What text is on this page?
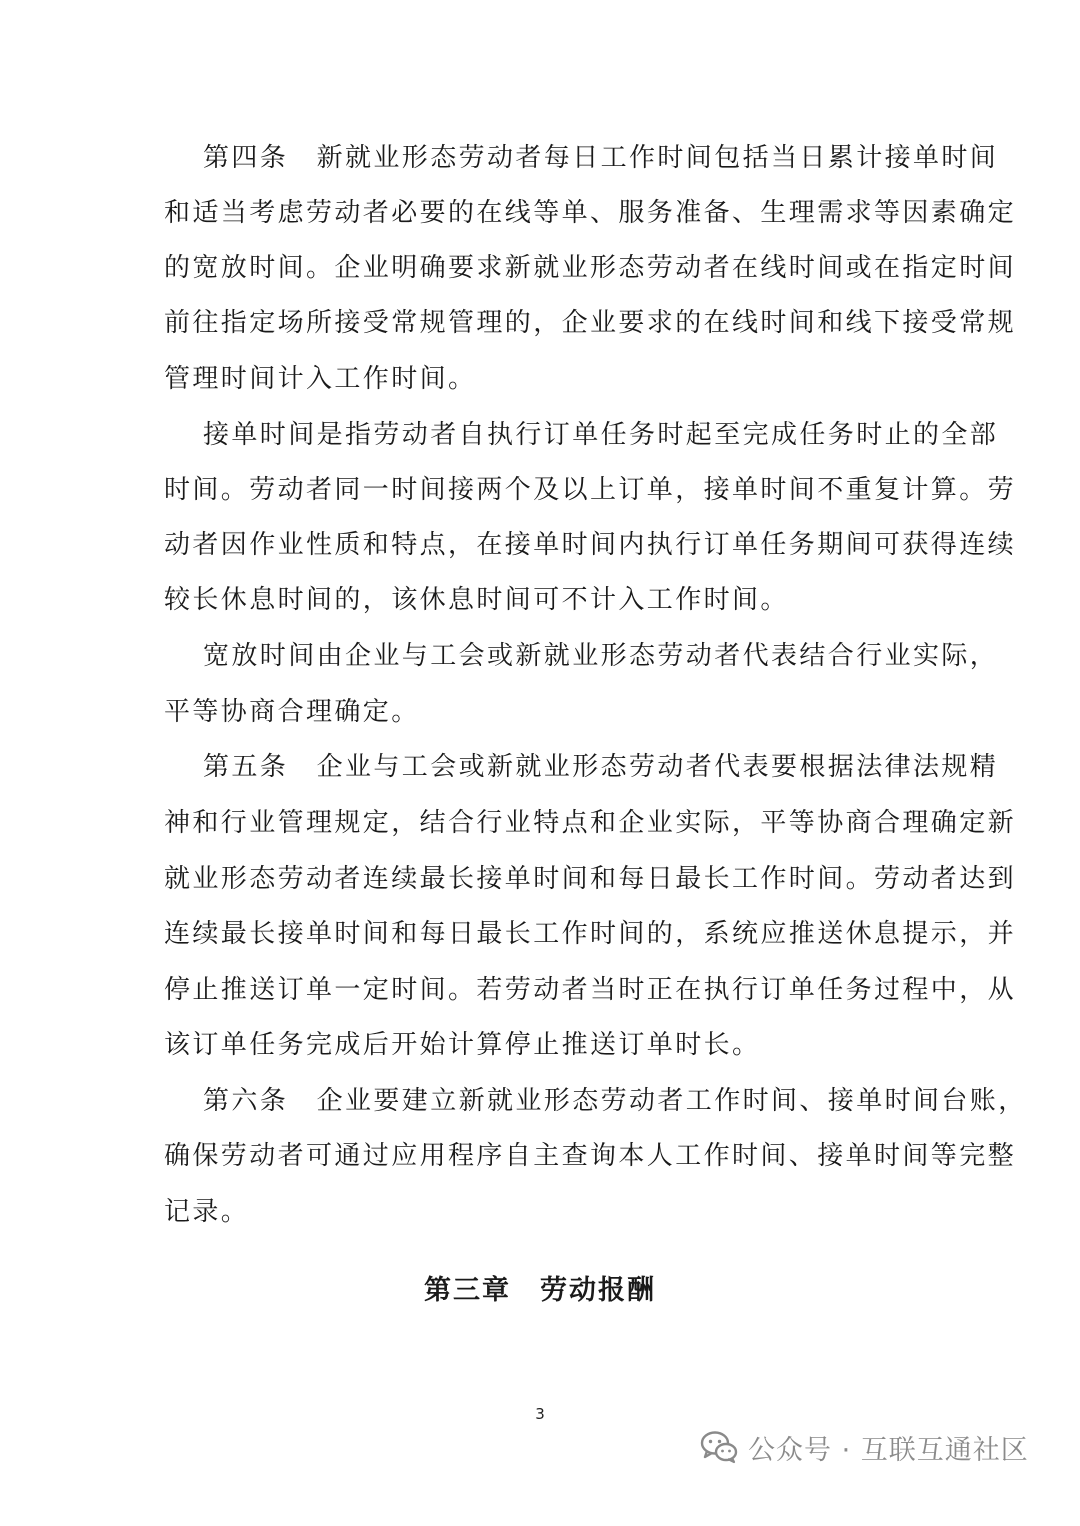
第四条　新就业形态劳动者每日工作时间包括当日累计接单时间
和适当考虑劳动者必要的在线等单、服务准备、生理需求等因素确定
的宽放时间。企业明确要求新就业形态劳动者在线时间或在指定时间
前往指定场所接受常规管理的，企业要求的在线时间和线下接受常规
管理时间计入工作时间。
接单时间是指劳动者自执行订单任务时起至完成任务时止的全部
时间。劳动者同一时间接两个及以上订单，接单时间不重复计算。劳
动者因作业性质和特点，在接单时间内执行订单任务期间可获得连续
较长休息时间的，该休息时间可不计入工作时间。
宽放时间由企业与工会或新就业形态劳动者代表结合行业实际，
平等协商合理确定。
第五条　企业与工会或新就业形态劳动者代表要根据法律法规精
神和行业管理规定，结合行业特点和企业实际，平等协商合理确定新
就业形态劳动者连续最长接单时间和每日最长工作时间。劳动者达到
连续最长接单时间和每日最长工作时间的，系统应推送休息提示，并
停止推送订单一定时间。若劳动者当时正在执行订单任务过程中，从
该订单任务完成后开始计算停止推送订单时长。
第六条　企业要建立新就业形态劳动者工作时间、接单时间台账，
确保劳动者可通过应用程序自主查询本人工作时间、接单时间等完整
记录。
第三章　劳动报酬
3
公众号 · 互联互通社区
